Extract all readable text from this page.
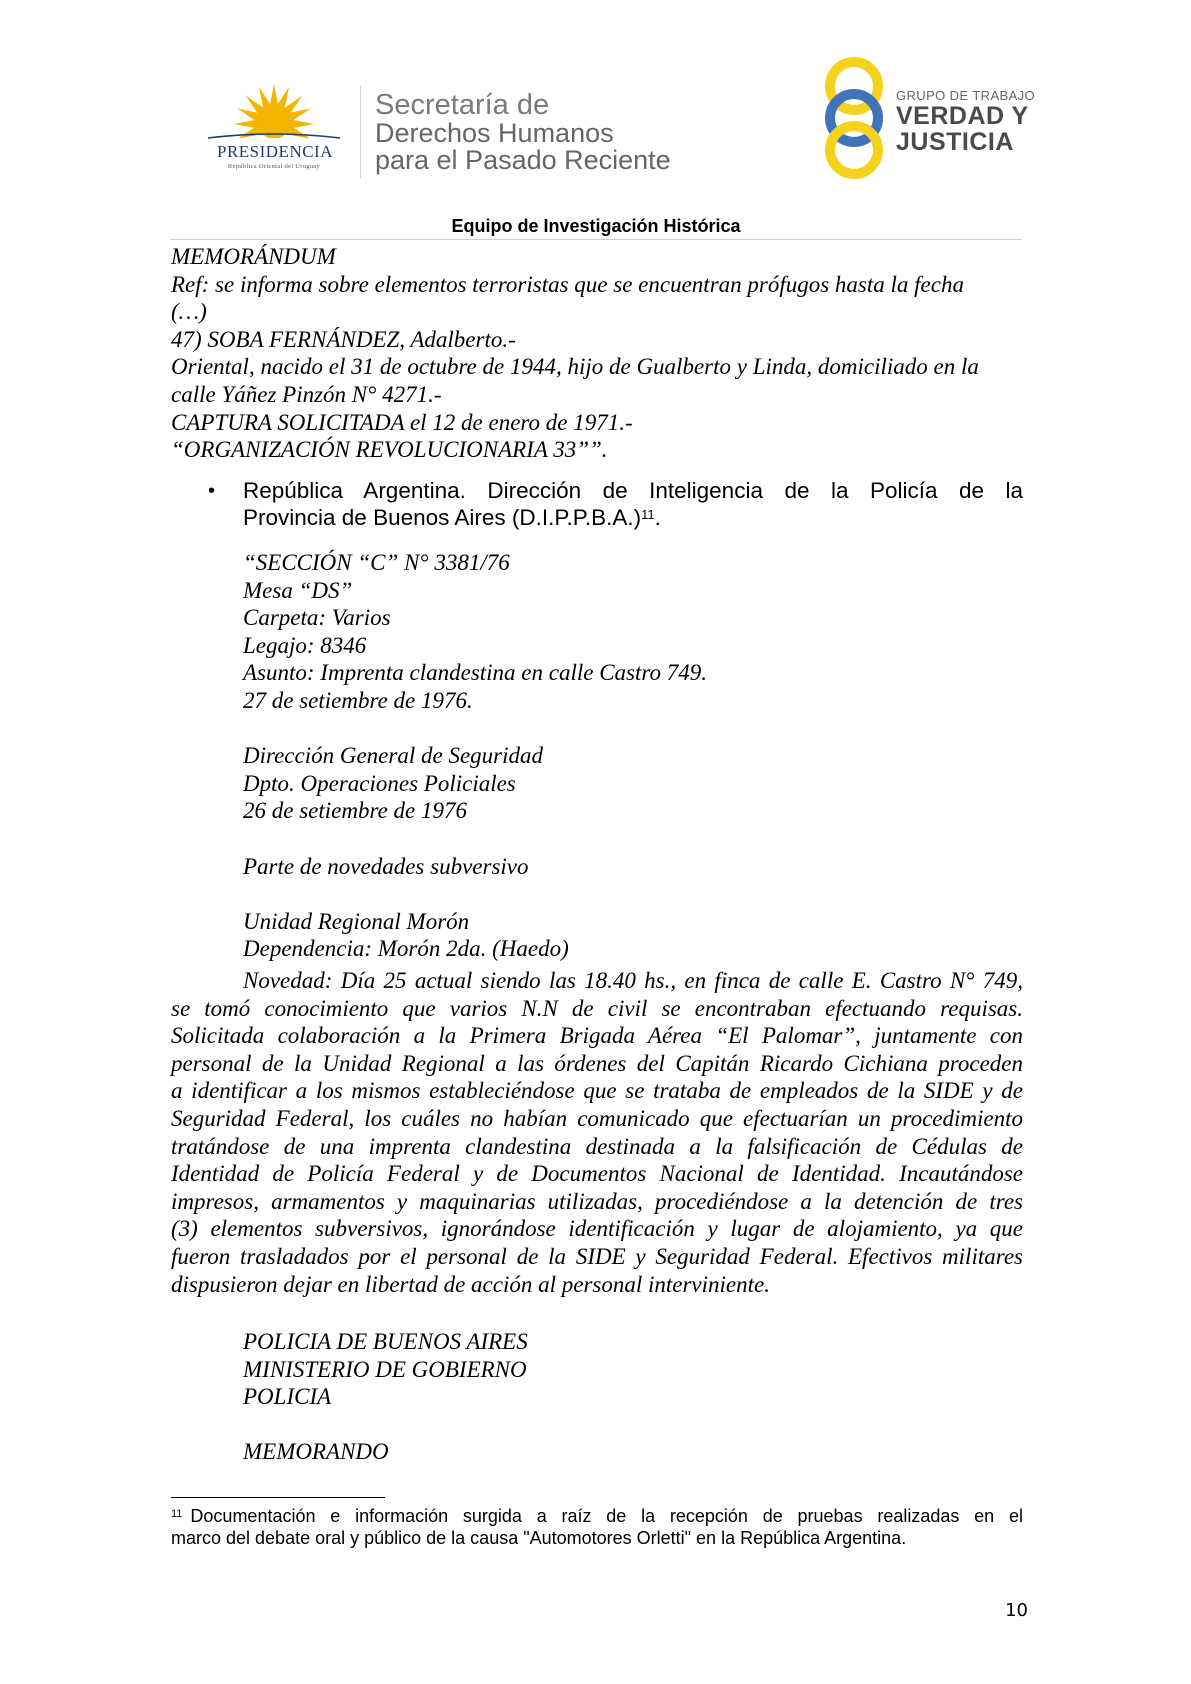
PRESIDENCIA
República Oriental del Uruguay
Secretaría de
Derechos Humanos
para el Pasado Reciente
GRUPO DE TRABAJO
VERDAD Y
JUSTICIA
Equipo de Investigación Histórica
MEMORÁNDUM
Ref: se informa sobre elementos terroristas que se encuentran prófugos hasta la fecha
(…)
47) SOBA FERNÁNDEZ, Adalberto.-
Oriental, nacido el 31 de octubre de 1944, hijo de Gualberto y Linda, domiciliado en la
calle Yáñez Pinzón N° 4271.-
CAPTURA SOLICITADA el 12 de enero de 1971.-
“ORGANIZACIÓN REVOLUCIONARIA 33””.
• República Argentina. Dirección de Inteligencia de la Policía de la
Provincia de Buenos Aires (D.I.P.P.B.A.)$^{11}$.
“SECCIÓN “C” N° 3381/76
Mesa “DS”
Carpeta: Varios
Legajo: 8346
Asunto: Imprenta clandestina en calle Castro 749.
27 de setiembre de 1976.

Dirección General de Seguridad
Dpto. Operaciones Policiales
26 de setiembre de 1976

Parte de novedades subversivo

Unidad Regional Morón
Dependencia: Morón 2da. (Haedo)
Novedad: Día 25 actual siendo las 18.40 hs., en finca de calle E. Castro N° 749,
se tomó conocimiento que varios N.N de civil se encontraban efectuando requisas.
Solicitada colaboración a la Primera Brigada Aérea “El Palomar”, juntamente con
personal de la Unidad Regional a las órdenes del Capitán Ricardo Cichiana proceden
a identificar a los mismos estableciéndose que se trataba de empleados de la SIDE y de
Seguridad Federal, los cuáles no habían comunicado que efectuarían un procedimiento
tratándose de una imprenta clandestina destinada a la falsificación de Cédulas de
Identidad de Policía Federal y de Documentos Nacional de Identidad. Incautándose
impresos, armamentos y maquinarias utilizadas, procediéndose a la detención de tres
(3) elementos subversivos, ignorándose identificación y lugar de alojamiento, ya que
fueron trasladados por el personal de la SIDE y Seguridad Federal. Efectivos militares
dispusieron dejar en libertad de acción al personal interviniente.
POLICIA DE BUENOS AIRES
MINISTERIO DE GOBIERNO
POLICIA

MEMORANDO
$^{11}$ Documentación e información surgida a raíz de la recepción de pruebas realizadas en el
marco del debate oral y público de la causa "Automotores Orletti" en la República Argentina.
10
